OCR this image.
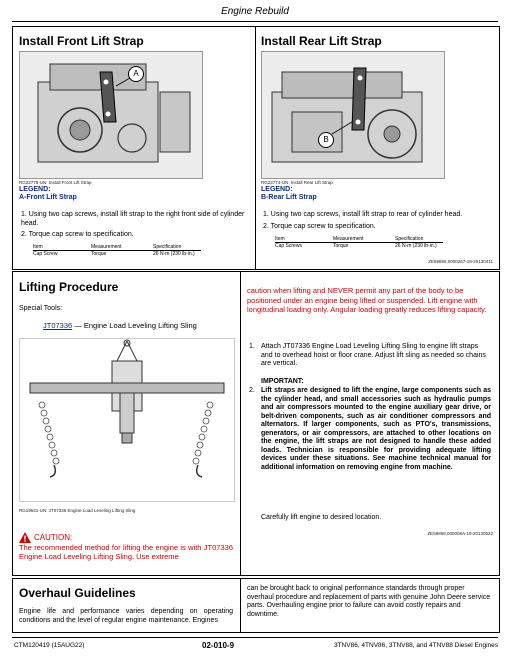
Engine Rebuild
Install Front Lift Strap
A
RG22775-UN: Install Front Lift Strap
LEGEND:
A-Front Lift Strap
1. Using two cap screws, install lift strap to the right front side of cylinder head.
2. Torque cap screw to specification.
Item	Measurement	Specification
Cap Screw	Torque	26 N·m (230 lb-in.)
Install Rear Lift Strap
B
RG22774-UN: Install Rear Lift Strap
LEGEND:
B-Rear Lift Strap
1. Using two cap screws, install lift strap to rear of cylinder head.
2. Torque cap screw to specification.
Item	Measurement	Specification
Cap Screws	Torque	26 N·m (230 lb-in.)
ZE59858,0000267-19-20130411
Lifting Procedure
Special Tools:
JT07336 — Engine Load Leveling Lifting Sling
RG19641-UN: JT07336 Engine Load Leveling Lifting Sling
CAUTION:
The recommended method for lifting the engine is with JT07336 Engine Load Leveling Lifting Sling. Use extreme
caution when lifting and NEVER permit any part of the body to be positioned under an engine being lifted or suspended. Lift engine with longitudinal loading only. Angular loading greatly reduces lifting capacity.
1. Attach JT07336 Engine Load Leveling Lifting Sling to engine lift straps and to overhead hoist or floor crane. Adjust lift sling as needed so chains are vertical.
IMPORTANT:
2. Lift straps are designed to lift the engine, large components such as the cylinder head, and small accessories such as hydraulic pumps and air compressors mounted to the engine auxiliary gear drive, or belt-driven components, such as air conditioner compressors and alternators. If larger components, such as PTO's, transmissions, generators, or air compressors, are attached to other locations on the engine, the lift straps are not designed to handle these added loads. Technician is responsible for providing adequate lifting devices under these situations. See machine technical manual for additional information on removing engine from machine.
Carefully lift engine to desired location.
ZE59858,000008A-19-20130522
Overhaul Guidelines
Engine life and performance varies depending on operating conditions and the level of regular engine maintenance. Engines
can be brought back to original performance standards through proper overhaul procedure and replacement of parts with genuine John Deere service parts. Overhauling engine prior to failure can avoid costly repairs and downtime.
CTM120419 (15AUG22)	02-010-9	3TNV86, 4TNV86, 3TNV88, and 4TNV88 Diesel Engines
